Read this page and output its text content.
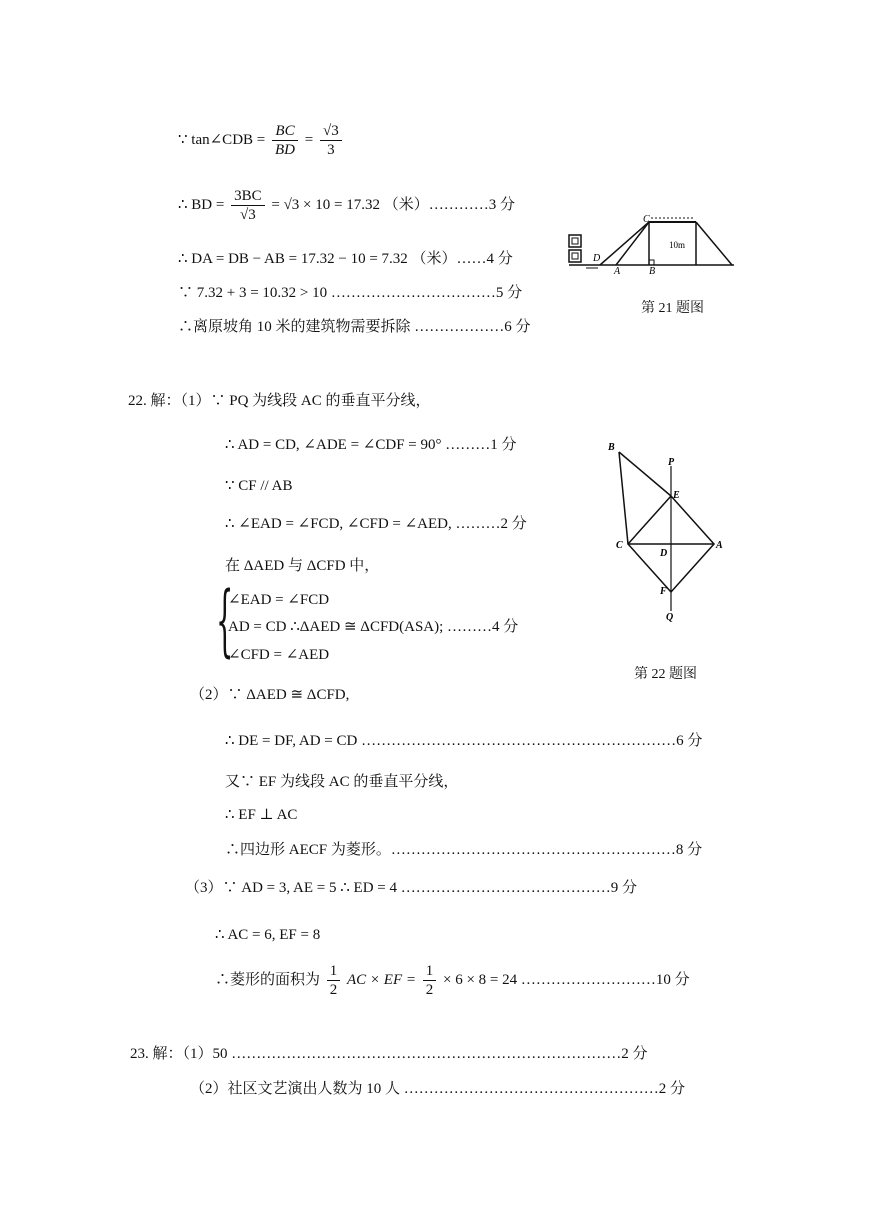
∵ tan∠CDB = $\frac{BC}{BD} = \frac{√3}{3}$
∴ BD = $\frac{3BC}{√3} = √3 \times 10 = 17.32$ （米）…………3 分
∴ DA = DB − AB = 17.32 − 10 = 7.32 （米）……4 分
∵ 7.32 + 3 = 10.32 > 10 ……………………………5 分
∴离原坡角 10 米的建筑物需要拆除 ………………6 分
C
D
A	B
10m
第 21 题图
22. 解：（1）∵ PQ 为线段 AC 的垂直平分线，
∴ AD = CD, ∠ADE = ∠CDF = 90° ………1 分
∵ CF // AB
∴ ∠EAD = ∠FCD, ∠CFD = ∠AED, ………2 分
在 ΔAED 与 ΔCFD 中，
{
∠EAD = ∠FCD
AD = CD ∴ΔAED ≅ ΔCFD(ASA); ………4 分
∠CFD = ∠AED
B
P
E
C
D
A
F
Q
第 22 题图
（2）∵ ΔAED ≅ ΔCFD,
∴ DE = DF, AD = CD ………………………………………………………6 分
又∵ EF 为线段 AC 的垂直平分线，
∴ EF ⊥ AC
∴四边形 AECF 为菱形。…………………………………………………8 分
（3）∵ AD = 3, AE = 5 ∴ ED = 4 ……………………………………9 分
∴ AC = 6, EF = 8
∴菱形的面积为 $\frac{1}{2}$ AC × EF = $\frac{1}{2} \times 6 \times 8 = 24$ ………………………10 分
23. 解：（1）50 ……………………………………………………………………2 分
（2）社区文艺演出人数为 10 人 ……………………………………………2 分
